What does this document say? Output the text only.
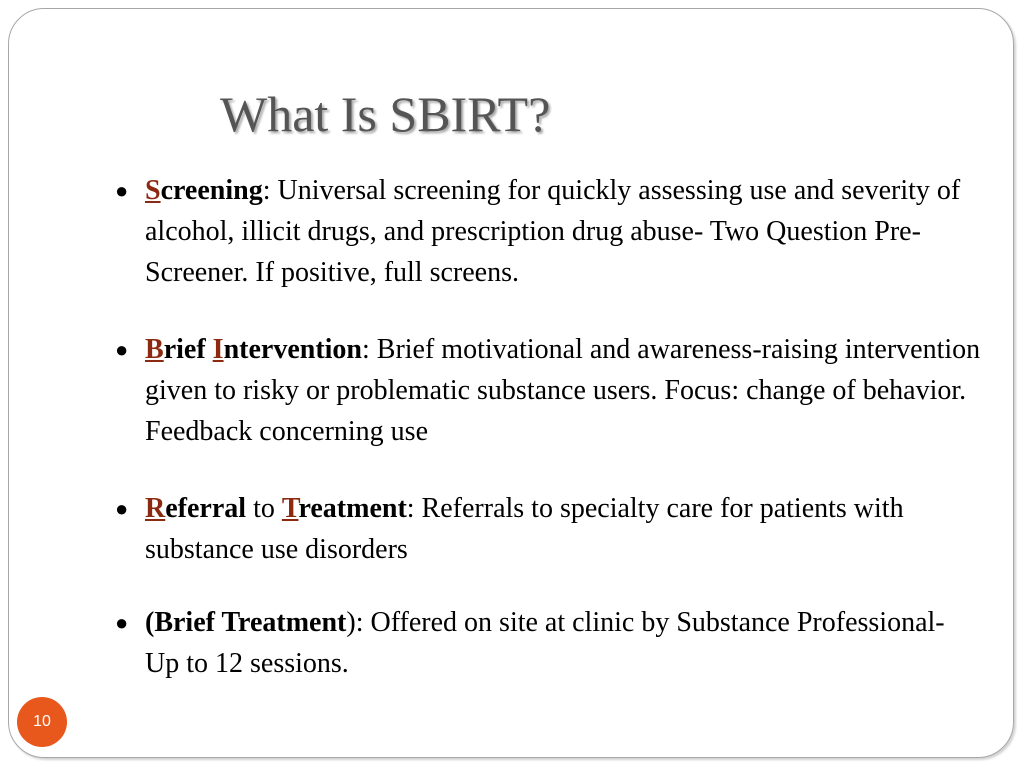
What Is SBIRT?
● Screening: Universal screening for quickly assessing use and severity of alcohol, illicit drugs, and prescription drug abuse- Two Question Pre-Screener. If positive, full screens.
● Brief Intervention: Brief motivational and awareness-raising intervention given to risky or problematic substance users. Focus: change of behavior. Feedback concerning use
● Referral to Treatment: Referrals to specialty care for patients with substance use disorders
● (Brief Treatment): Offered on site at clinic by Substance Professional- Up to 12 sessions.
10
